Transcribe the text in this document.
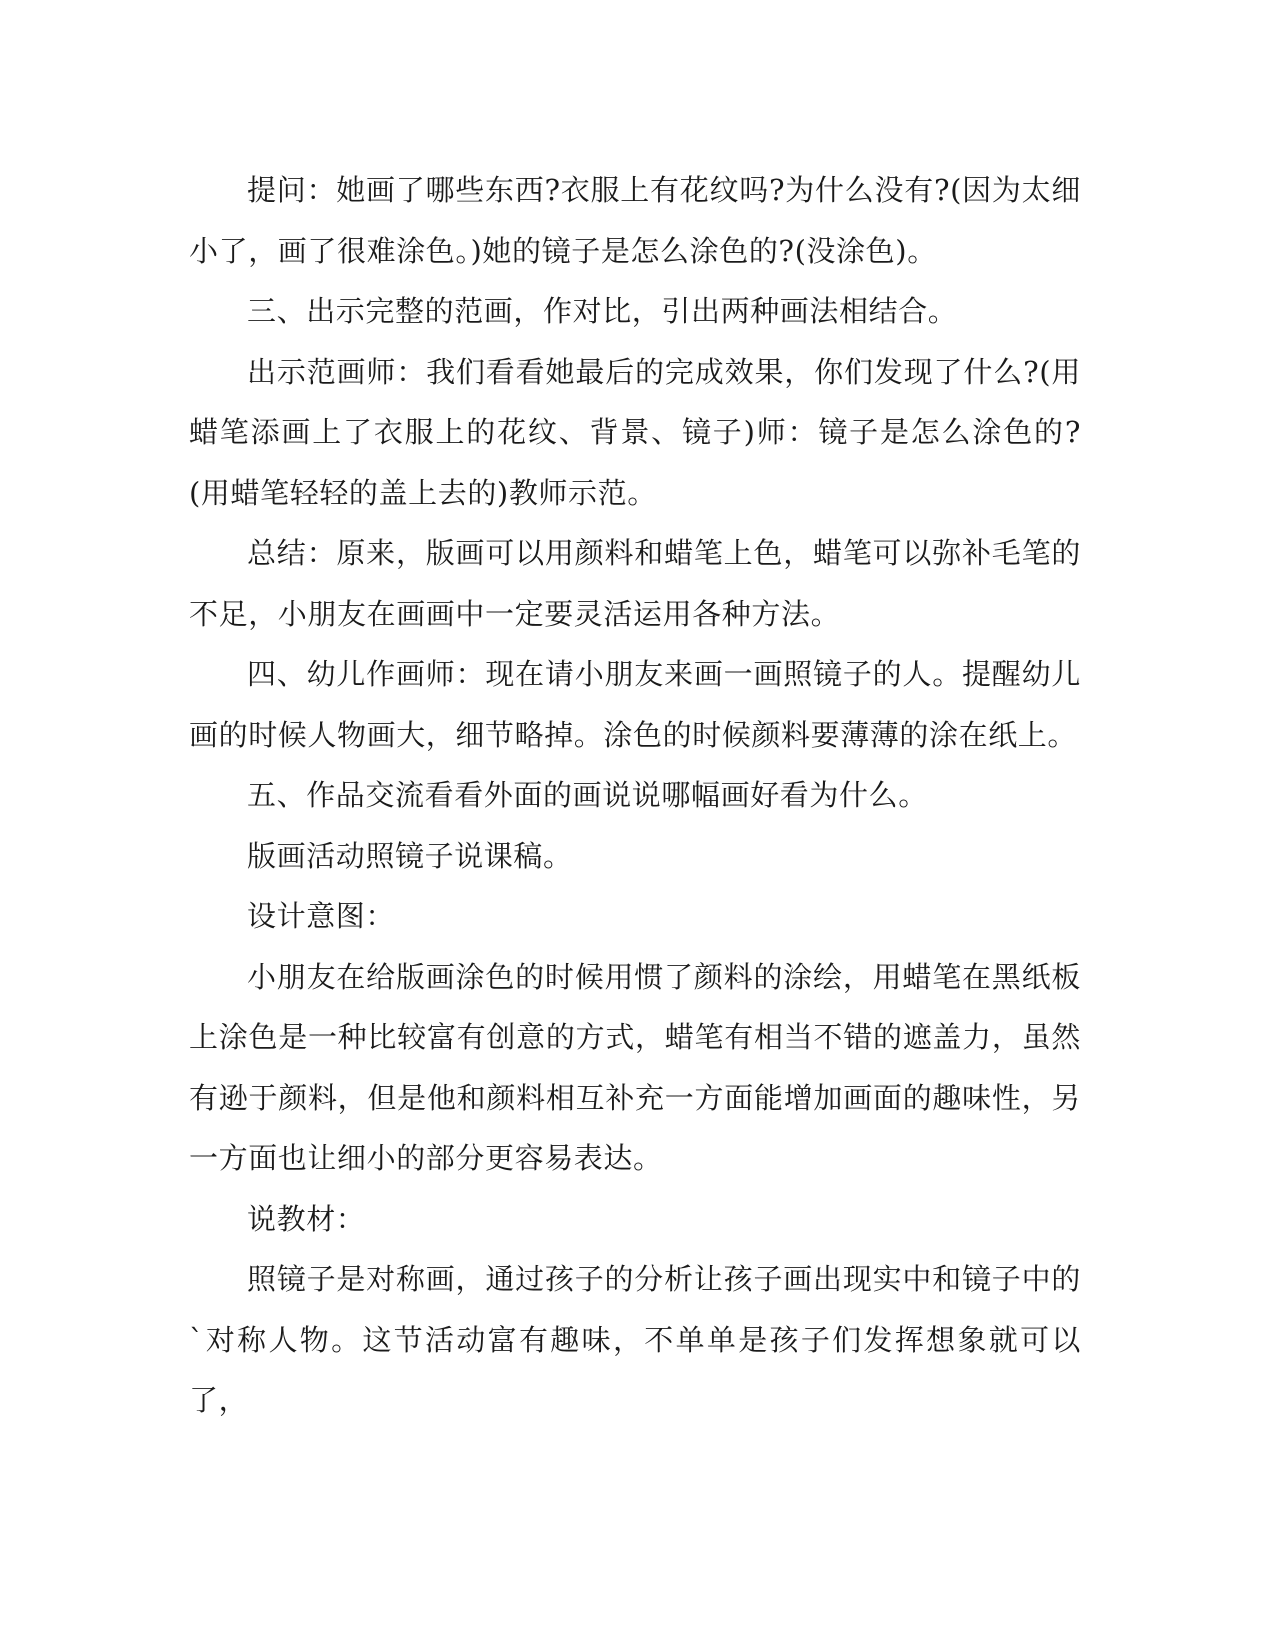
提问：她画了哪些东西?衣服上有花纹吗?为什么没有?(因为太细小了，画了很难涂色。)她的镜子是怎么涂色的?(没涂色)。

三、出示完整的范画，作对比，引出两种画法相结合。

出示范画师：我们看看她最后的完成效果，你们发现了什么?(用蜡笔添画上了衣服上的花纹、背景、镜子)师：镜子是怎么涂色的?(用蜡笔轻轻的盖上去的)教师示范。

总结：原来，版画可以用颜料和蜡笔上色，蜡笔可以弥补毛笔的不足，小朋友在画画中一定要灵活运用各种方法。

四、幼儿作画师：现在请小朋友来画一画照镜子的人。提醒幼儿画的时候人物画大，细节略掉。涂色的时候颜料要薄薄的涂在纸上。

五、作品交流看看外面的画说说哪幅画好看为什么。

版画活动照镜子说课稿。

设计意图：

小朋友在给版画涂色的时候用惯了颜料的涂绘，用蜡笔在黑纸板上涂色是一种比较富有创意的方式，蜡笔有相当不错的遮盖力，虽然有逊于颜料，但是他和颜料相互补充一方面能增加画面的趣味性，另一方面也让细小的部分更容易表达。

说教材：

照镜子是对称画，通过孩子的分析让孩子画出现实中和镜子中的`对称人物。这节活动富有趣味，不单单是孩子们发挥想象就可以了，
